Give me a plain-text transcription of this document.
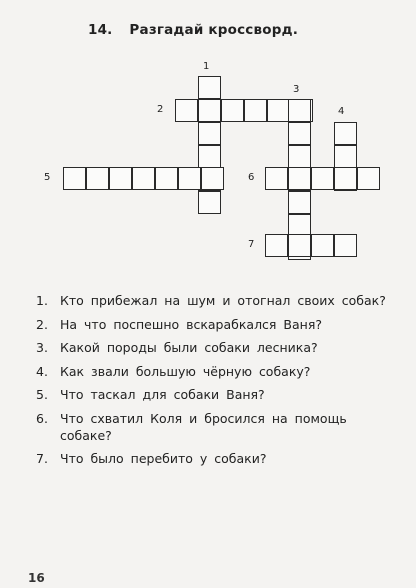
14. Разгадай кроссворд.
1
2
3
4
5	6
7
1. Кто прибежал на шум и отогнал своих собак?
2. На что поспешно вскарабкался Ваня?
3. Какой породы были собаки лесника?
4. Как звали большую чёрную собаку?
5. Что таскал для собаки Ваня?
6. Что схватил Коля и бросился на помощь собаке?
7. Что было перебито у собаки?
16
